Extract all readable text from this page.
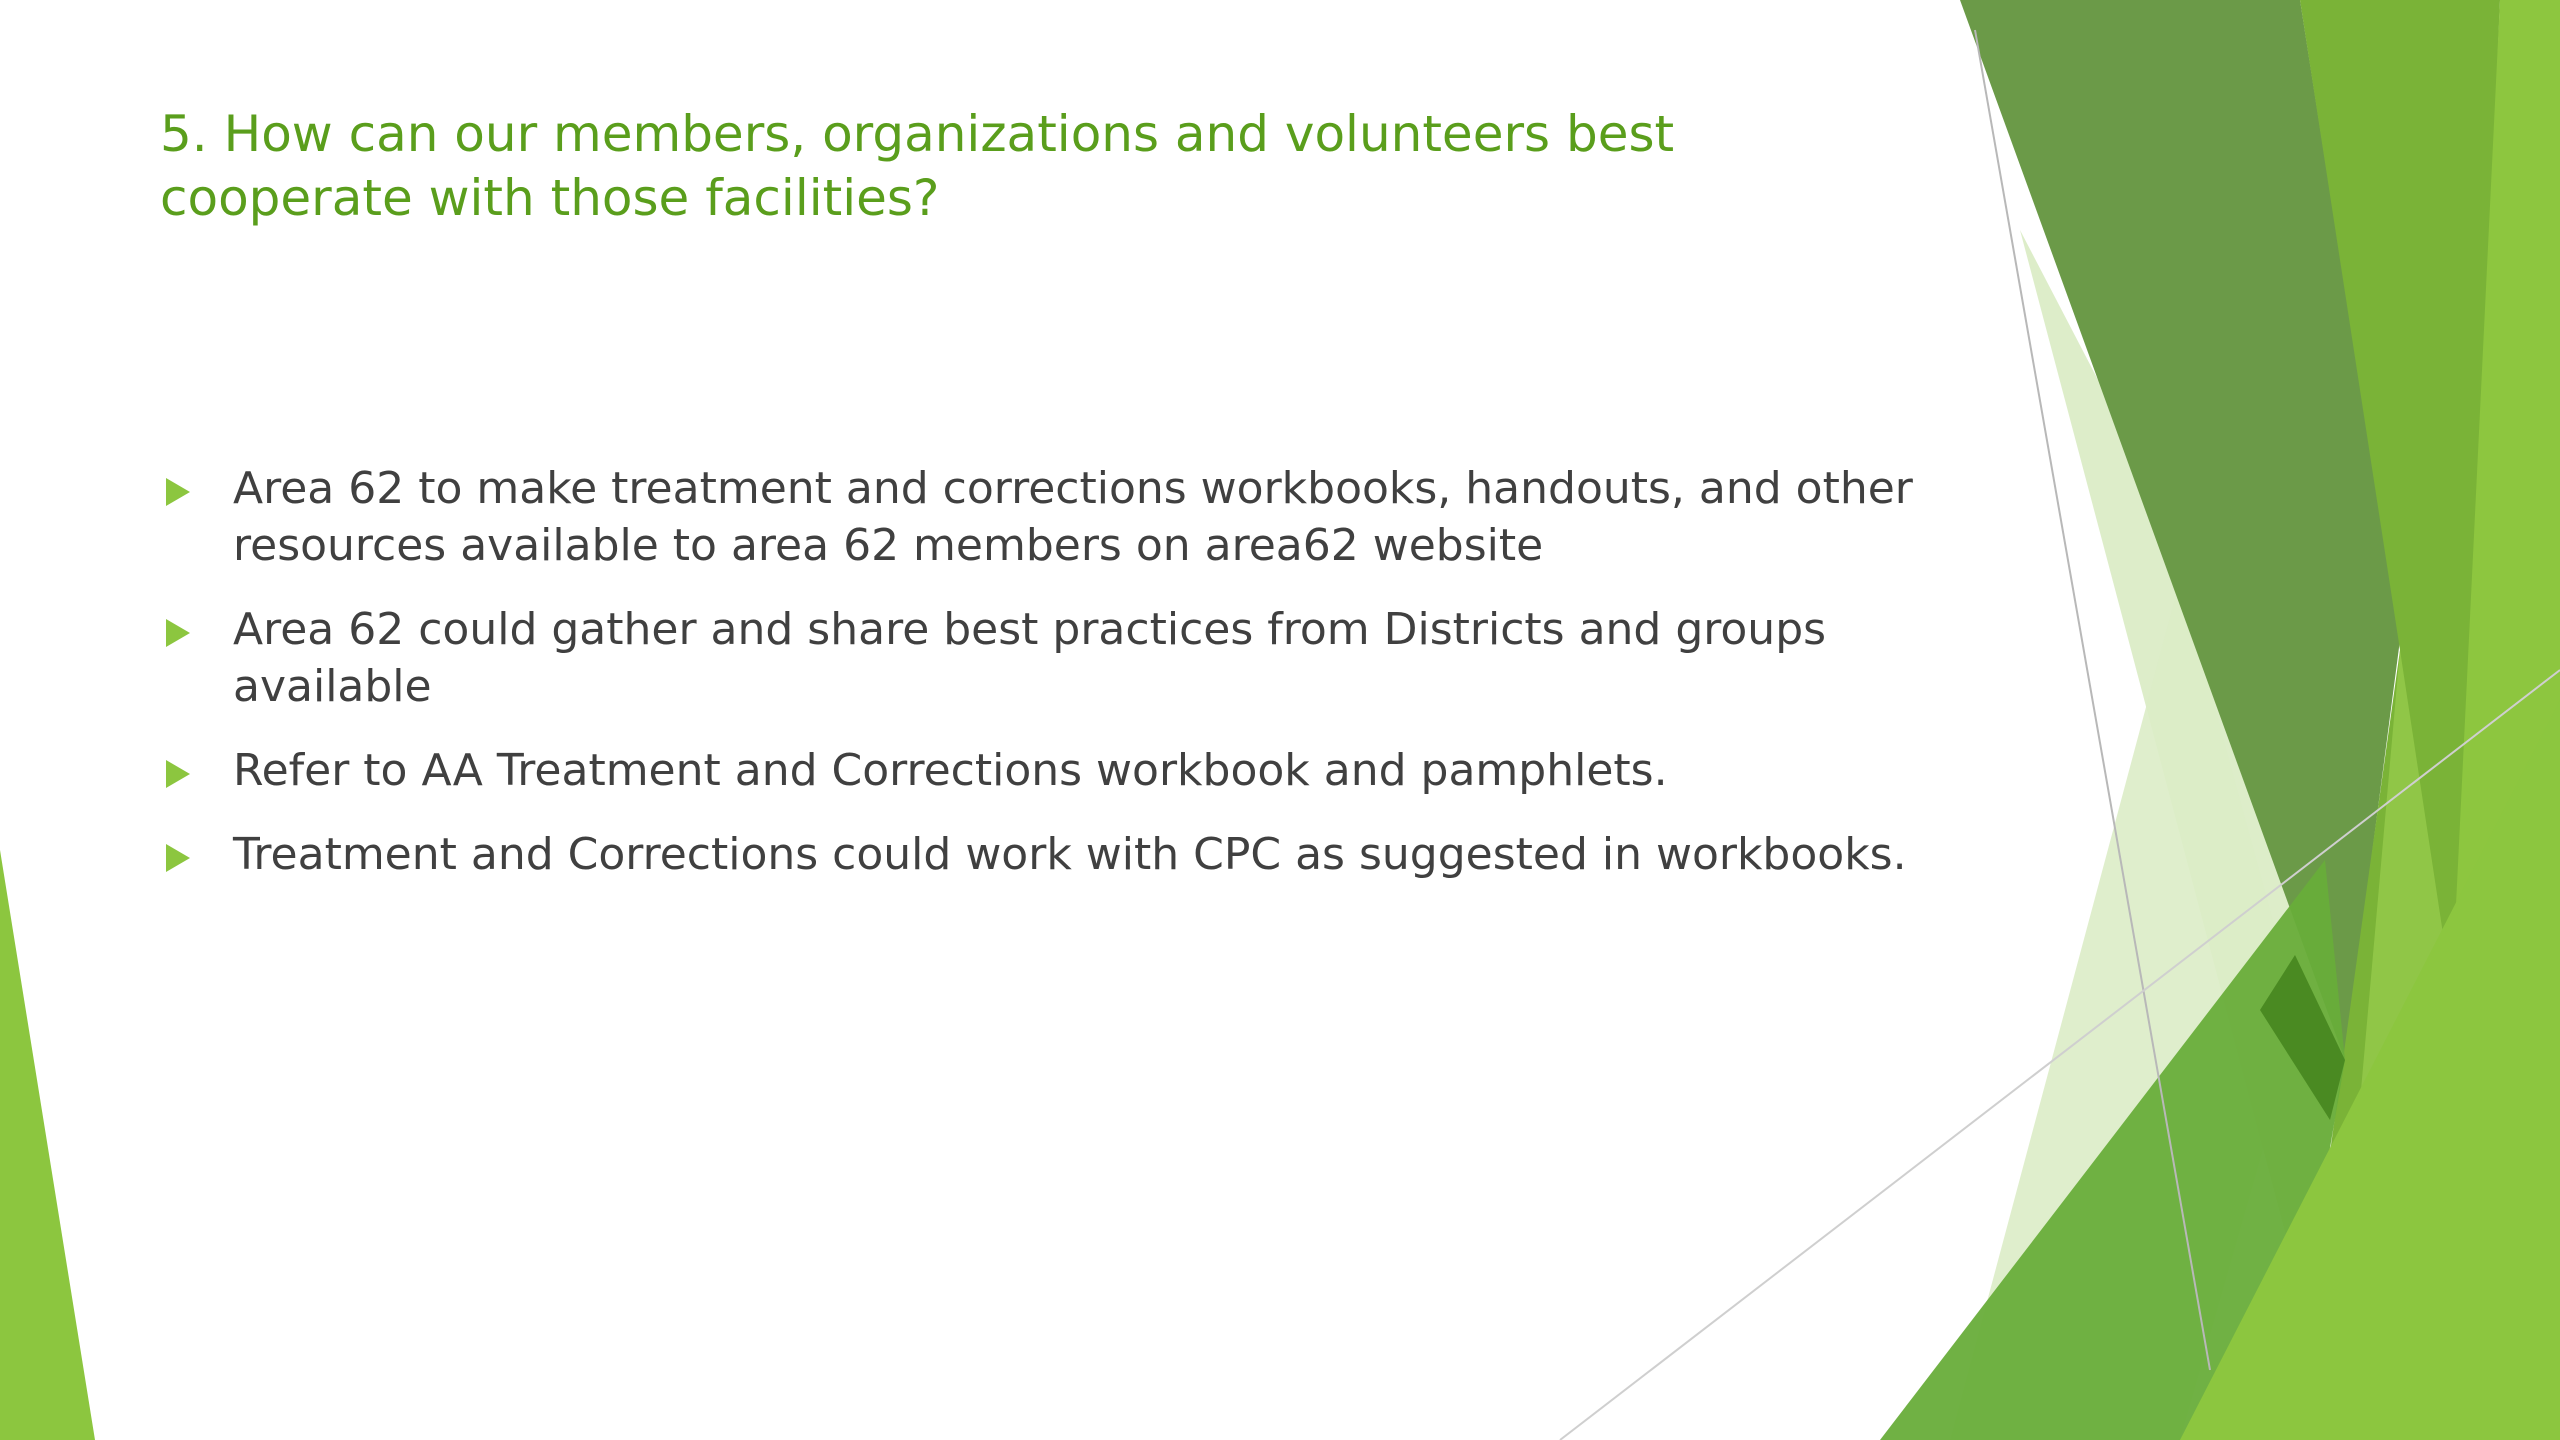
5. How can our members, organizations and volunteers best cooperate with those facilities?
Area 62 to make treatment and corrections workbooks, handouts, and other resources available to area 62 members on area62 website
Area 62 could gather and share best practices from Districts and groups available
Refer to AA Treatment and Corrections workbook and pamphlets.
Treatment and Corrections could work with CPC as suggested in workbooks.
